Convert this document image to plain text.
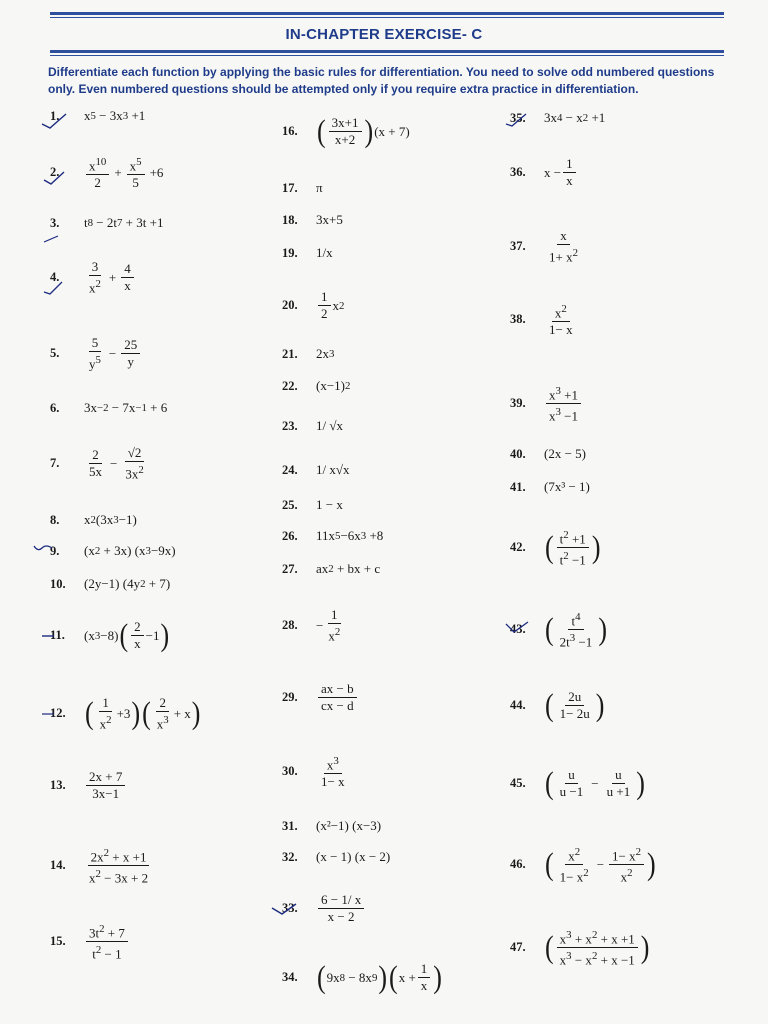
IN-CHAPTER EXERCISE- C
Differentiate each function by applying the basic rules for differentiation. You need to solve odd numbered questions only. Even numbered questions should be attempted only if you require extra practice in differentiation.
1.	x 5 − 3x 3 +1
2.	$\frac{x^{10}}{2} + \frac{x^5}{5} +6$
3.	t 8 − 2t 7 + 3t +1
4.	$\frac{3}{x^2} + \frac{4}{x}$
5.	$\frac{5}{y^5} - \frac{25}{y}$
6.	3x −2 − 7x −1 + 6
7.	$\frac{2}{5x} - \frac{√2}{3x^2}$
8.	x 2 (3x 3 −1)
9.	(x 2 + 3x) (x 3 −9x)
10.	(2y−1) (4y 2 + 7)
11.	(x 3 −8) ( $\frac{2}{x} -1$ )
12. ( $\frac{1}{x^2} +3$ ) ( $\frac{2}{x^3} + x$ )
13.	$\frac{2x + 7}{3x-1}$
14.	$\frac{2x^2 + x +1}{x^2 - 3x + 2}$
15.	$\frac{3t^2 + 7}{t^2 - 1}$
16. ( $\frac{3x+1}{x+2}$ ) (x + 7)
17.	π
18.	3x+5
19.	1/x
20.	$\frac{1}{2}$ x 2
21.	2x 3
22.	(x−1) 2
23.	1/ √x
24.	1/ x√x
25.	1 − x
26.	11x 5 −6x 3 +8
27.	ax 2 + bx + c
28.	− $\frac{1}{x^2}$
29.	$\frac{ax - b}{cx - d}$
30.	$\frac{x^3}{1- x}$
31.	(x²−1) (x−3)
32.	(x − 1) (x − 2)
33.	$\frac{6 - 1/ x}{x - 2}$
34. ( 9x 8 − 8x 9 ) ( $x + \frac{1}{x}$ )
35.	3x 4 − x 2 +1
36.	$x - \frac{1}{x}$
37.	$\frac{x}{1+ x^2}$
38.	$\frac{x^2}{1- x}$
39.	$\frac{x^3 +1}{x^3 -1}$
40.	(2x − 5)
41.	(7x³ − 1)
42. ( $\frac{t^2 +1}{t^2 -1}$ )
43. ( $\frac{t^4}{2t^3 -1}$ )
44. ( $\frac{2u}{1- 2u}$ )
45. ( $\frac{u}{u -1} - \frac{u}{u +1}$ )
46. ( $\frac{x^2}{1- x^2} - \frac{1- x^2}{x^2}$ )
47. ( $\frac{x^3 + x^2 + x +1}{x^3 - x^2 + x -1}$ )
